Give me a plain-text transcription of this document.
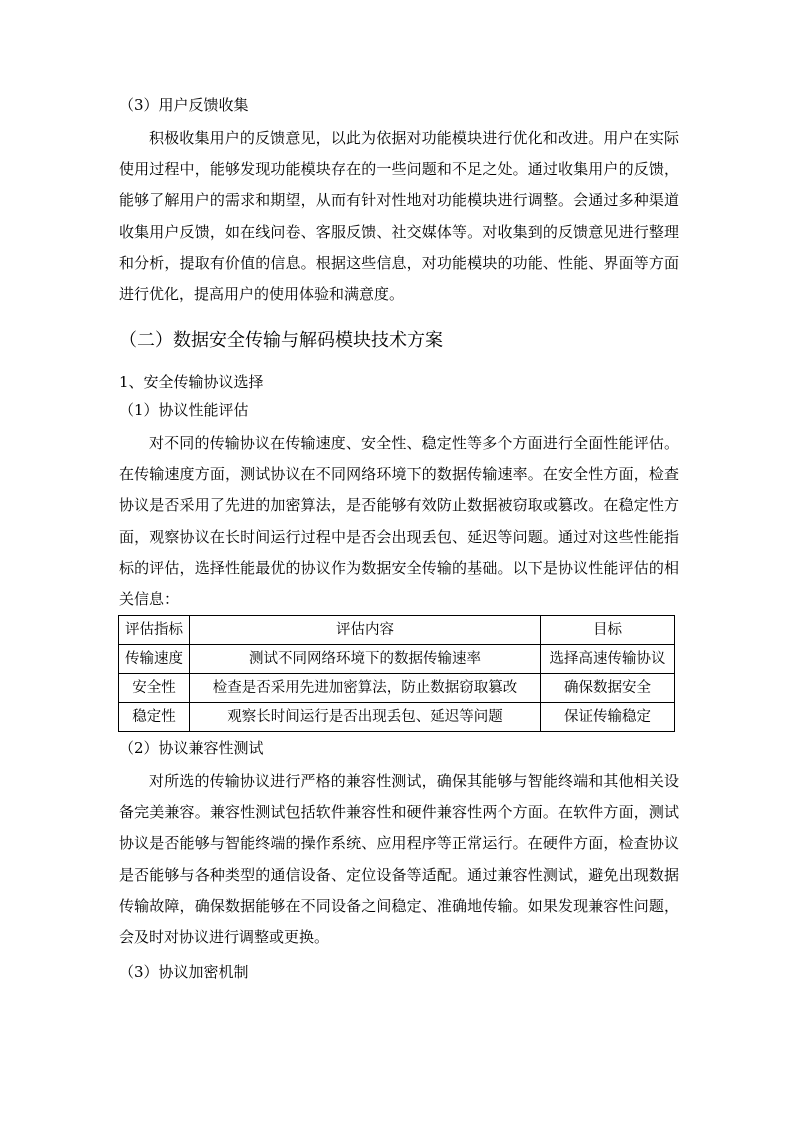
（3）用户反馈收集
积极收集用户的反馈意见，以此为依据对功能模块进行优化和改进。用户在实际使用过程中，能够发现功能模块存在的一些问题和不足之处。通过收集用户的反馈，能够了解用户的需求和期望，从而有针对性地对功能模块进行调整。会通过多种渠道收集用户反馈，如在线问卷、客服反馈、社交媒体等。对收集到的反馈意见进行整理和分析，提取有价值的信息。根据这些信息，对功能模块的功能、性能、界面等方面进行优化，提高用户的使用体验和满意度。
（二）数据安全传输与解码模块技术方案
1、安全传输协议选择
（1）协议性能评估
对不同的传输协议在传输速度、安全性、稳定性等多个方面进行全面性能评估。在传输速度方面，测试协议在不同网络环境下的数据传输速率。在安全性方面，检查协议是否采用了先进的加密算法，是否能够有效防止数据被窃取或篡改。在稳定性方面，观察协议在长时间运行过程中是否会出现丢包、延迟等问题。通过对这些性能指标的评估，选择性能最优的协议作为数据安全传输的基础。以下是协议性能评估的相关信息：
评估指标	评估内容	目标
传输速度	测试不同网络环境下的数据传输速率	选择高速传输协议
安全性	检查是否采用先进加密算法，防止数据窃取篡改	确保数据安全
稳定性	观察长时间运行是否出现丢包、延迟等问题	保证传输稳定
（2）协议兼容性测试
对所选的传输协议进行严格的兼容性测试，确保其能够与智能终端和其他相关设备完美兼容。兼容性测试包括软件兼容性和硬件兼容性两个方面。在软件方面，测试协议是否能够与智能终端的操作系统、应用程序等正常运行。在硬件方面，检查协议是否能够与各种类型的通信设备、定位设备等适配。通过兼容性测试，避免出现数据传输故障，确保数据能够在不同设备之间稳定、准确地传输。如果发现兼容性问题，会及时对协议进行调整或更换。
（3）协议加密机制
